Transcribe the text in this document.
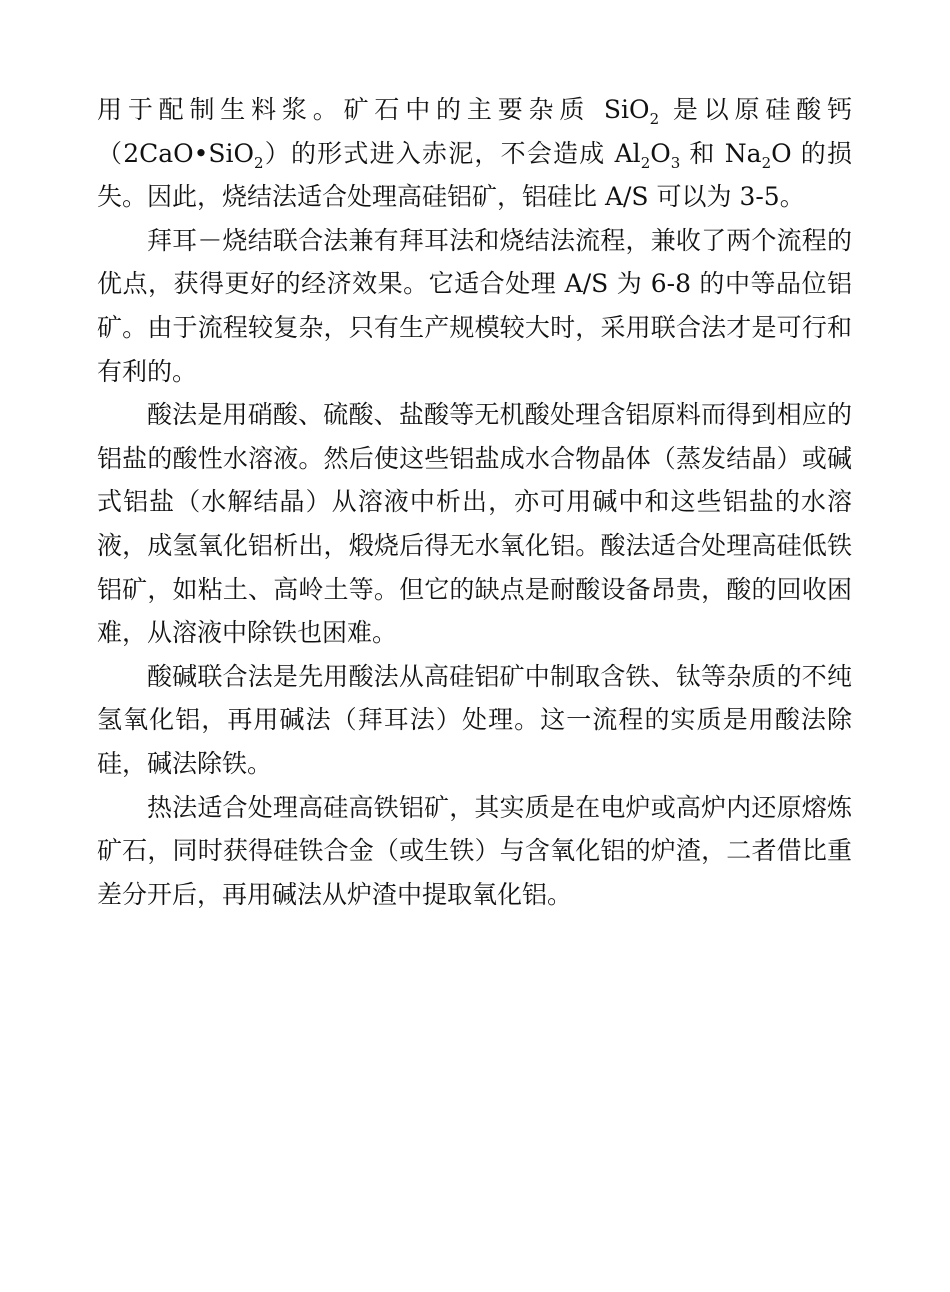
用于配制生料浆。矿石中的主要杂质 SiO$_2$ 是以原硅酸钙（2CaO•SiO$_2$）的形式进入赤泥，不会造成 $Al_2O_3$ 和 $Na_2O$ 的损失。因此，烧结法适合处理高硅铝矿，铝硅比 A/S 可以为 3-5。

拜耳－烧结联合法兼有拜耳法和烧结法流程，兼收了两个流程的优点，获得更好的经济效果。它适合处理 A/S 为 6-8 的中等品位铝矿。由于流程较复杂，只有生产规模较大时，采用联合法才是可行和有利的。

酸法是用硝酸、硫酸、盐酸等无机酸处理含铝原料而得到相应的铝盐的酸性水溶液。然后使这些铝盐成水合物晶体（蒸发结晶）或碱式铝盐（水解结晶）从溶液中析出，亦可用碱中和这些铝盐的水溶液，成氢氧化铝析出，煅烧后得无水氧化铝。酸法适合处理高硅低铁铝矿，如粘土、高岭土等。但它的缺点是耐酸设备昂贵，酸的回收困难，从溶液中除铁也困难。

酸碱联合法是先用酸法从高硅铝矿中制取含铁、钛等杂质的不纯氢氧化铝，再用碱法（拜耳法）处理。这一流程的实质是用酸法除硅，碱法除铁。

热法适合处理高硅高铁铝矿，其实质是在电炉或高炉内还原熔炼矿石，同时获得硅铁合金（或生铁）与含氧化铝的炉渣，二者借比重差分开后，再用碱法从炉渣中提取氧化铝。
